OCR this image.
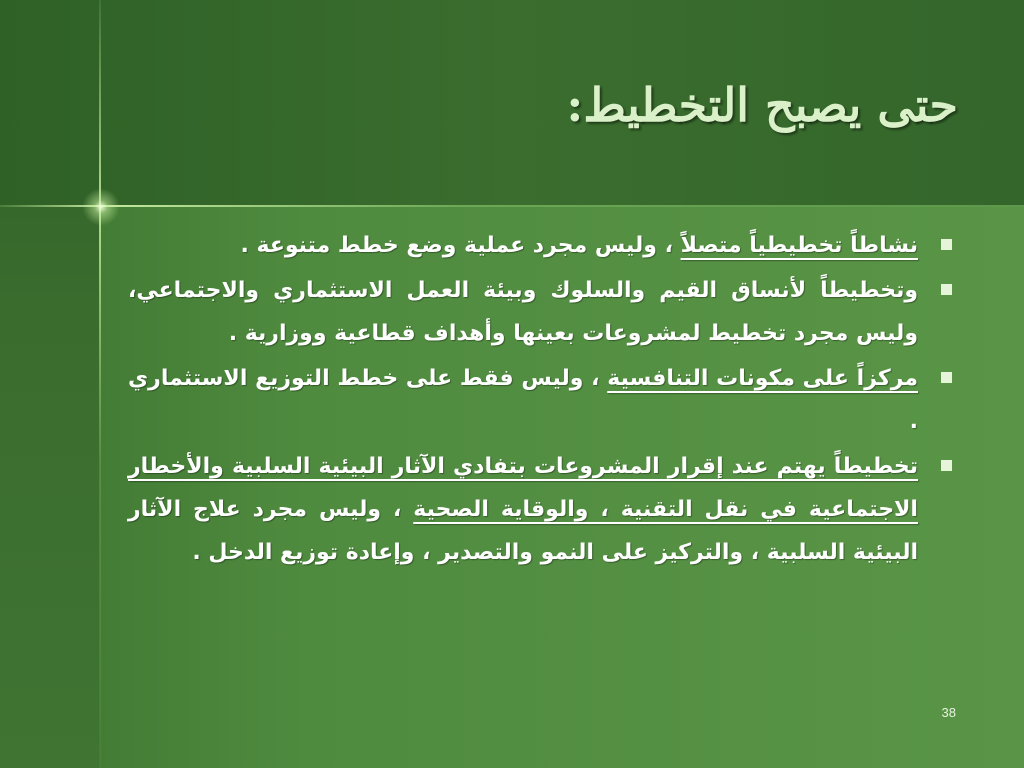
حتى يصبح التخطيط:
نشاطاً تخطيطياً متصلاً ، وليس مجرد عملية وضع خطط متنوعة .
وتخطيطاً لأنساق القيم والسلوك وبيئة العمل الاستثماري والاجتماعي، وليس مجرد تخطيط لمشروعات بعينها وأهداف قطاعية ووزارية .
مركزاً على مكونات التنافسية ، وليس فقط على خطط التوزيع الاستثماري .
تخطيطاً يهتم عند إقرار المشروعات بتفادي الآثار البيئية السلبية والأخطار الاجتماعية في نقل التقنية ، والوقاية الصحية ، وليس مجرد علاج الآثار البيئية السلبية ، والتركيز على النمو والتصدير ، وإعادة توزيع الدخل .
38
